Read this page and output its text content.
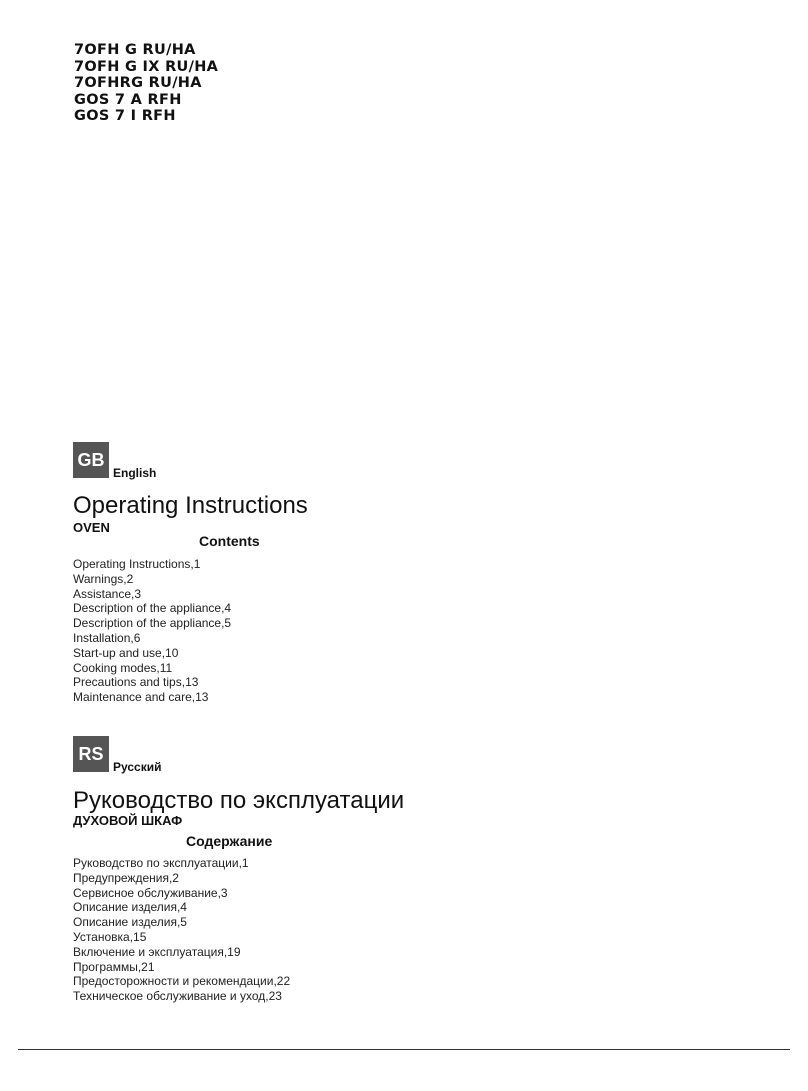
7OFH G RU/HA
7OFH G IX RU/HA
7OFHRG RU/HA
GOS 7 A RFH
GOS 7 I RFH
GB
English
Operating Instructions
OVEN
Contents
Operating Instructions,1
Warnings,2
Assistance,3
Description of the appliance,4
Description of the appliance,5
Installation,6
Start-up and use,10
Cooking modes,11
Precautions and tips,13
Maintenance and care,13
RS
Русский
Руководство по эксплуатации
ДУХОВОЙ ШКАФ
Содержание
Руководство по эксплуатации,1
Предупреждения,2
Сервисное обслуживание,3
Описание изделия,4
Описание изделия,5
Установка,15
Включение и эксплуатация,19
Программы,21
Предосторожности и рекомендации,22
Техническое обслуживание и уход,23
